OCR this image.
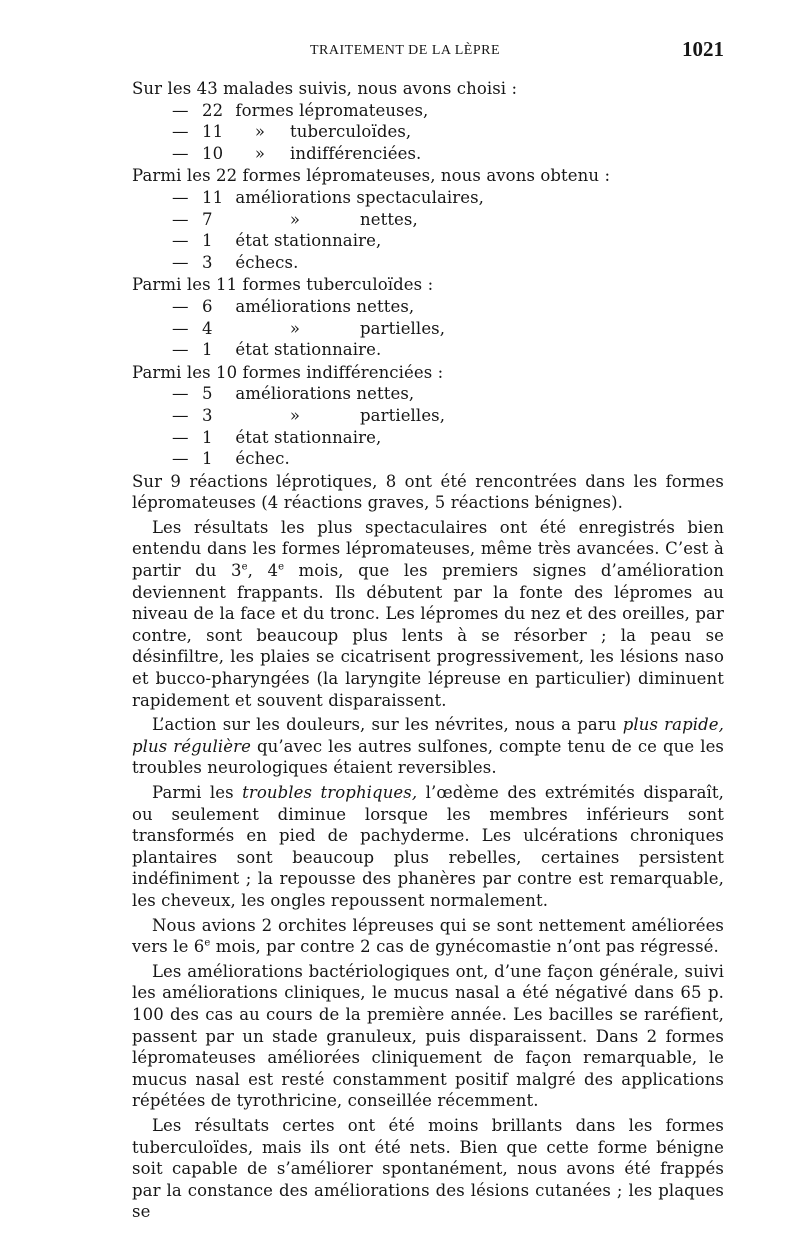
TRAITEMENT DE LA LÈPRE	1021

Sur les 43 malades suivis, nous avons choisi :

— 22 formes lépromateuses,
— 11 » tuberculoïdes,
— 10 » indifférenciées.

Parmi les 22 formes lépromateuses, nous avons obtenu :

— 11 améliorations spectaculaires,
— 7	»	nettes,
— 1 état stationnaire,
— 3 échecs.

Parmi les 11 formes tuberculoïdes :

— 6 améliorations nettes,
— 4	»	partielles,
— 1 état stationnaire.

Parmi les 10 formes indifférenciées :

— 5 améliorations nettes,
— 3	»	partielles,
— 1 état stationnaire,
— 1 échec.

Sur 9 réactions léprotiques, 8 ont été rencontrées dans les formes lépromateuses (4 réactions graves, 5 réactions bénignes).

Les résultats les plus spectaculaires ont été enregistrés bien entendu dans les formes lépromateuses, même très avancées. C’est à partir du 3e, 4e mois, que les premiers signes d’amélioration deviennent frappants. Ils débutent par la fonte des lépromes au niveau de la face et du tronc. Les lépromes du nez et des oreilles, par contre, sont beaucoup plus lents à se résorber ; la peau se désinfiltre, les plaies se cicatrisent progressivement, les lésions naso et bucco-pharyngées (la laryngite lépreuse en particulier) diminuent rapidement et souvent disparaissent.

L’action sur les douleurs, sur les névrites, nous a paru plus rapide, plus régulière qu’avec les autres sulfones, compte tenu de ce que les troubles neurologiques étaient reversibles.

Parmi les troubles trophiques, l’œdème des extrémités disparaît, ou seulement diminue lorsque les membres inférieurs sont transformés en pied de pachyderme. Les ulcérations chroniques plantaires sont beaucoup plus rebelles, certaines persistent indéfiniment ; la repousse des phanères par contre est remarquable, les cheveux, les ongles repoussent normalement.

Nous avions 2 orchites lépreuses qui se sont nettement améliorées vers le 6e mois, par contre 2 cas de gynécomastie n’ont pas régressé.

Les améliorations bactériologiques ont, d’une façon générale, suivi les améliorations cliniques, le mucus nasal a été négativé dans 65 p. 100 des cas au cours de la première année. Les bacilles se raréfient, passent par un stade granuleux, puis disparaissent. Dans 2 formes lépromateuses améliorées cliniquement de façon remarquable, le mucus nasal est resté constamment positif malgré des applications répétées de tyrothricine, conseillée récemment.

Les résultats certes ont été moins brillants dans les formes tuberculoïdes, mais ils ont été nets. Bien que cette forme bénigne soit capable de s’améliorer spontanément, nous avons été frappés par la constance des améliorations des lésions cutanées ; les plaques se
